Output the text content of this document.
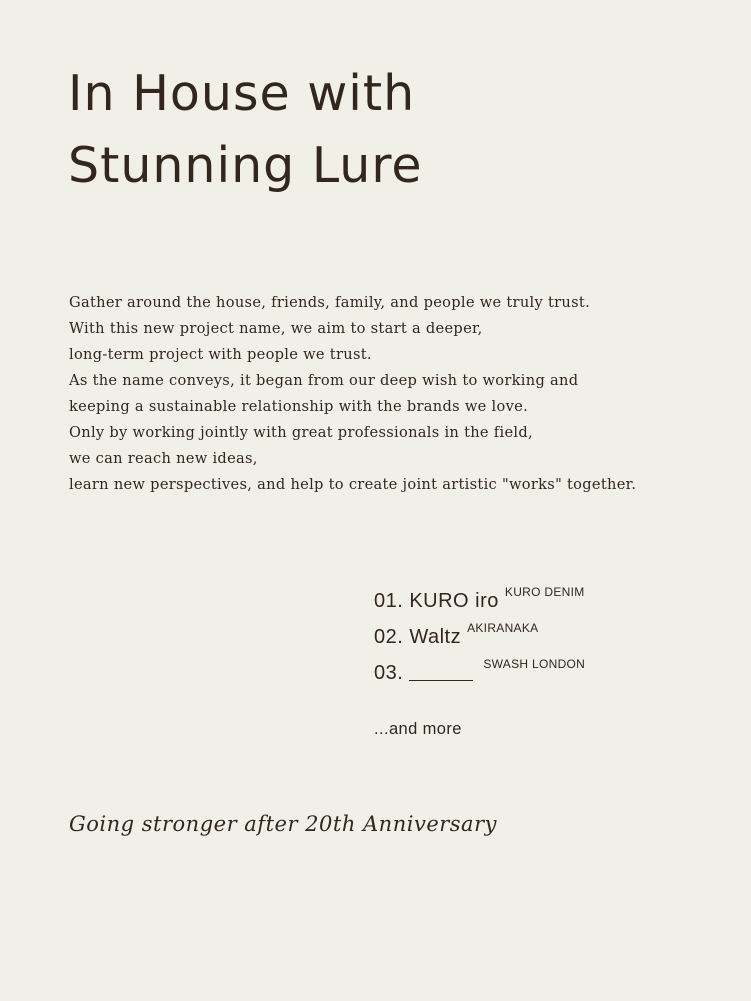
In House with
Stunning Lure
Gather around the house, friends, family, and people we truly trust.
With this new project name, we aim to start a deeper,
long-term project with people we trust.
As the name conveys, it began from our deep wish to working and
keeping a sustainable relationship with the brands we love.
Only by working jointly with great professionals in the field,
we can reach new ideas,
learn new perspectives, and help to create joint artistic "works" together.
01. KURO iro $^{KURO DENIM}$
02. Waltz $^{AKIRANAKA}$
03.	$^{SWASH LONDON}$

...and more

Going stronger after 20th Anniversary
